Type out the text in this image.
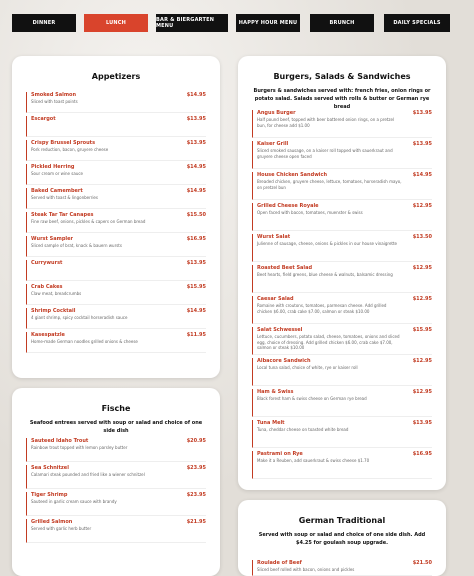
DINNER	LUNCH	BAR & BIERGARTEN MENU	HAPPY HOUR MENU	BRUNCH	DAILY SPECIALS
Appetizers
Smoked Salmon	$14.95
Sliced with toast points
Escargot	$13.95
Crispy Brussel Sprouts	$13.95
Pork reduction, bacon, gruyere cheese
Pickled Herring	$14.95
Sour cream or wine sauce
Baked Camembert	$14.95
Served with toast & lingonberries
Steak Tar Tar Canapes	$15.50
Fine raw beef, onions, pickles & capers on German bread
Wurst Sampler	$16.95
Sliced sample of brat, knack & bauern wursts
Currywurst	$13.95
Crab Cakes	$15.95
Claw meat, breadcrumbs
Shrimp Cocktail	$14.95
4 giant shrimp, spicy cocktail horseradish sauce
Kasespatzle	$11.95
Home-made German noodles grilled onions & cheese
Fische
Seafood entrees served with soup or salad and choice of one side dish
Sauteed Idaho Trout	$20.95
Rainbow trout topped with lemon parsley butter
Sea Schnitzel	$23.95
Calamari steak pounded and fried like a wiener schnitzel
Tiger Shrimp	$23.95
Sauteed in garlic cream sauce with brandy
Grilled Salmon	$21.95
Served with garlic herb butter
Burgers, Salads & Sandwiches
Burgers & sandwiches served with: french fries, onion rings or potato salad. Salads served with rolls & butter or German rye bread
Angus Burger	$13.95
Half pound beef, topped with beer battered onion rings, on a pretzel bun, for cheese add $1.00
Kaiser Grill	$13.95
Sliced smoked sausage, on a kaiser roll topped with sauerkraut and gruyere cheese open faced
House Chicken Sandwich	$14.95
Breaded chicken, gruyere cheese, lettuce, tomatoes, horseradish mayo, on pretzel bun
Grilled Cheese Royale	$12.95
Open faced with bacon, tomatoes, muenster & swiss
Wurst Salat	$13.50
Julienne of sausage, cheese, onions & pickles in our house vinaigrette
Roasted Beet Salad	$12.95
Beet hearts, field greens, blue cheese & walnuts, balsamic dressing
Caesar Salad	$12.95
Romaine with croutons, tomatoes, parmesan cheese. Add grilled chicken $6.00, crab cake $7.00, salmon or steak $10.00
Salat Schwessel	$15.95
Lettuce, cucumbers, potato salad, cheese, tomatoes, onions and sliced egg, choice of dressing. Add grilled chicken $6.00, crab cake $7.00, salmon or steak $10.00
Albacore Sandwich	$12.95
Local tuna salad, choice of white, rye or kaiser roll
Ham & Swiss	$12.95
Black forest ham & swiss cheese on German rye bread
Tuna Melt	$13.95
Tuna, cheddar cheese on toasted white bread
Pastrami on Rye	$16.95
Make it a Reuben, add sauerkraut & swiss cheese $1.70
German Traditional
Served with soup or salad and choice of one side dish. Add $4.25 for goulash soup upgrade.
Roulade of Beef	$21.50
Sliced beef rolled with bacon, onions and pickles
